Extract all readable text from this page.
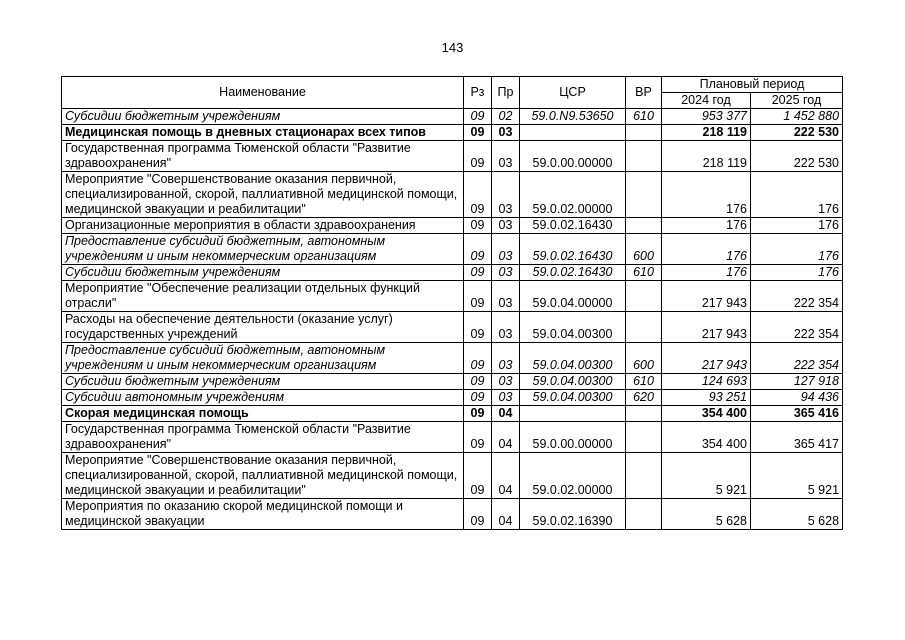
143
Наименование	Рз	Пр	ЦСР	ВР	Плановый период	
					2024 год	2025 год
Субсидии бюджетным учреждениям	09	02	59.0.N9.53650	610	953 377	1 452 880
Медицинская помощь в дневных стационарах всех типов	09	03			218 119	222 530
Государственная программа Тюменской области "Развитие здравоохранения"	09	03	59.0.00.00000		218 119	222 530
Мероприятие "Совершенствование оказания первичной, специализированной, скорой, паллиативной медицинской помощи, медицинской эвакуации и реабилитации"	09	03	59.0.02.00000		176	176
Организационные мероприятия в области здравоохранения	09	03	59.0.02.16430		176	176
Предоставление субсидий бюджетным, автономным учреждениям и иным некоммерческим организациям	09	03	59.0.02.16430	600	176	176
Субсидии бюджетным учреждениям	09	03	59.0.02.16430	610	176	176
Мероприятие "Обеспечение реализации отдельных функций отрасли"	09	03	59.0.04.00000		217 943	222 354
Расходы на обеспечение деятельности (оказание услуг) государственных учреждений	09	03	59.0.04.00300		217 943	222 354
Предоставление субсидий бюджетным, автономным учреждениям и иным некоммерческим организациям	09	03	59.0.04.00300	600	217 943	222 354
Субсидии бюджетным учреждениям	09	03	59.0.04.00300	610	124 693	127 918
Субсидии автономным учреждениям	09	03	59.0.04.00300	620	93 251	94 436
Скорая медицинская помощь	09	04			354 400	365 416
Государственная программа Тюменской области "Развитие здравоохранения"	09	04	59.0.00.00000		354 400	365 417
Мероприятие "Совершенствование оказания первичной, специализированной, скорой, паллиативной медицинской помощи, медицинской эвакуации и реабилитации"	09	04	59.0.02.00000		5 921	5 921
Мероприятия по оказанию скорой медицинской помощи и медицинской эвакуации	09	04	59.0.02.16390		5 628	5 628
